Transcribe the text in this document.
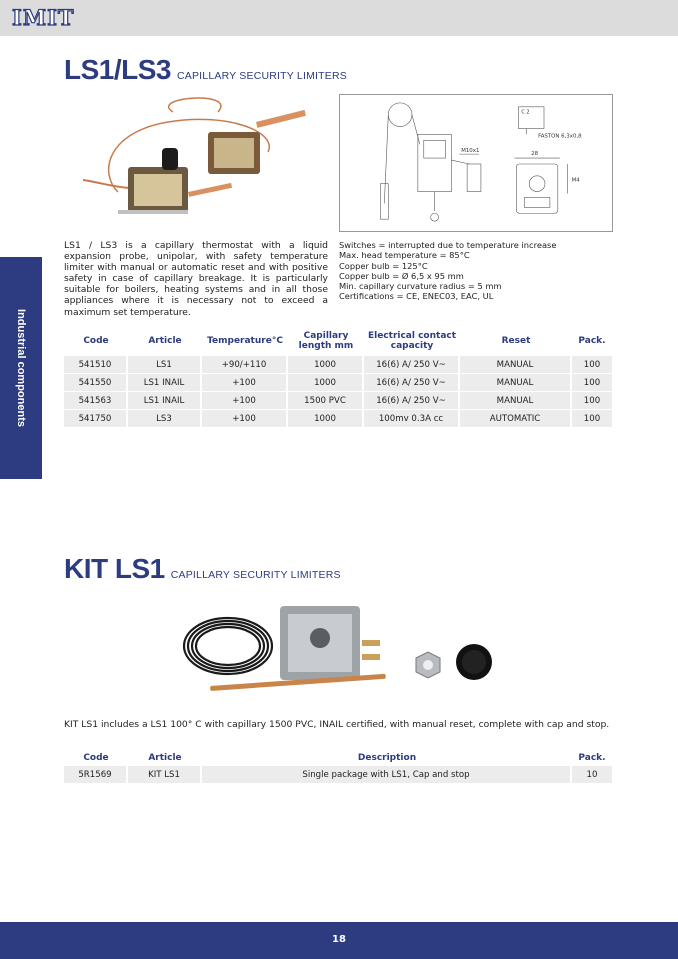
IMIT
Industrial components
LS1/LS3 CAPILLARY SECURITY LIMITERS
FASTON 6,3x0,8
M10x1	28
M4
C 2
LS1 / LS3 is a capillary thermostat with a liquid expansion probe, unipolar, with safety temperature limiter with manual or automatic reset and with positive safety in case of capillary breakage. It is particularly suitable for boilers, heating systems and in all those appliances where it is necessary not to exceed a maximum set temperature.
Switches = interrupted due to temperature increase
Max. head temperature = 85°C
Copper bulb = 125°C
Copper bulb = Ø 6,5 x 95 mm
Min. capillary curvature radius = 5 mm
Certifications = CE, ENEC03, EAC, UL
Code	Article	Temperature°C	Capillary length mm	Electrical contact capacity	Reset	Pack.
541510	LS1	+90/+110	1000	16(6) A/ 250 V~	MANUAL	100
541550	LS1 INAIL	+100	1000	16(6) A/ 250 V~	MANUAL	100
541563	LS1 INAIL	+100	1500 PVC	16(6) A/ 250 V~	MANUAL	100
541750	LS3	+100	1000	100mv 0.3A cc	AUTOMATIC	100
KIT LS1 CAPILLARY SECURITY LIMITERS
KIT LS1 includes a LS1 100° C with capillary 1500 PVC, INAIL certified, with manual reset, complete with cap and stop.
Code	Article	Description	Pack.
5R1569	KIT LS1	Single package with LS1, Cap and stop	10
18
